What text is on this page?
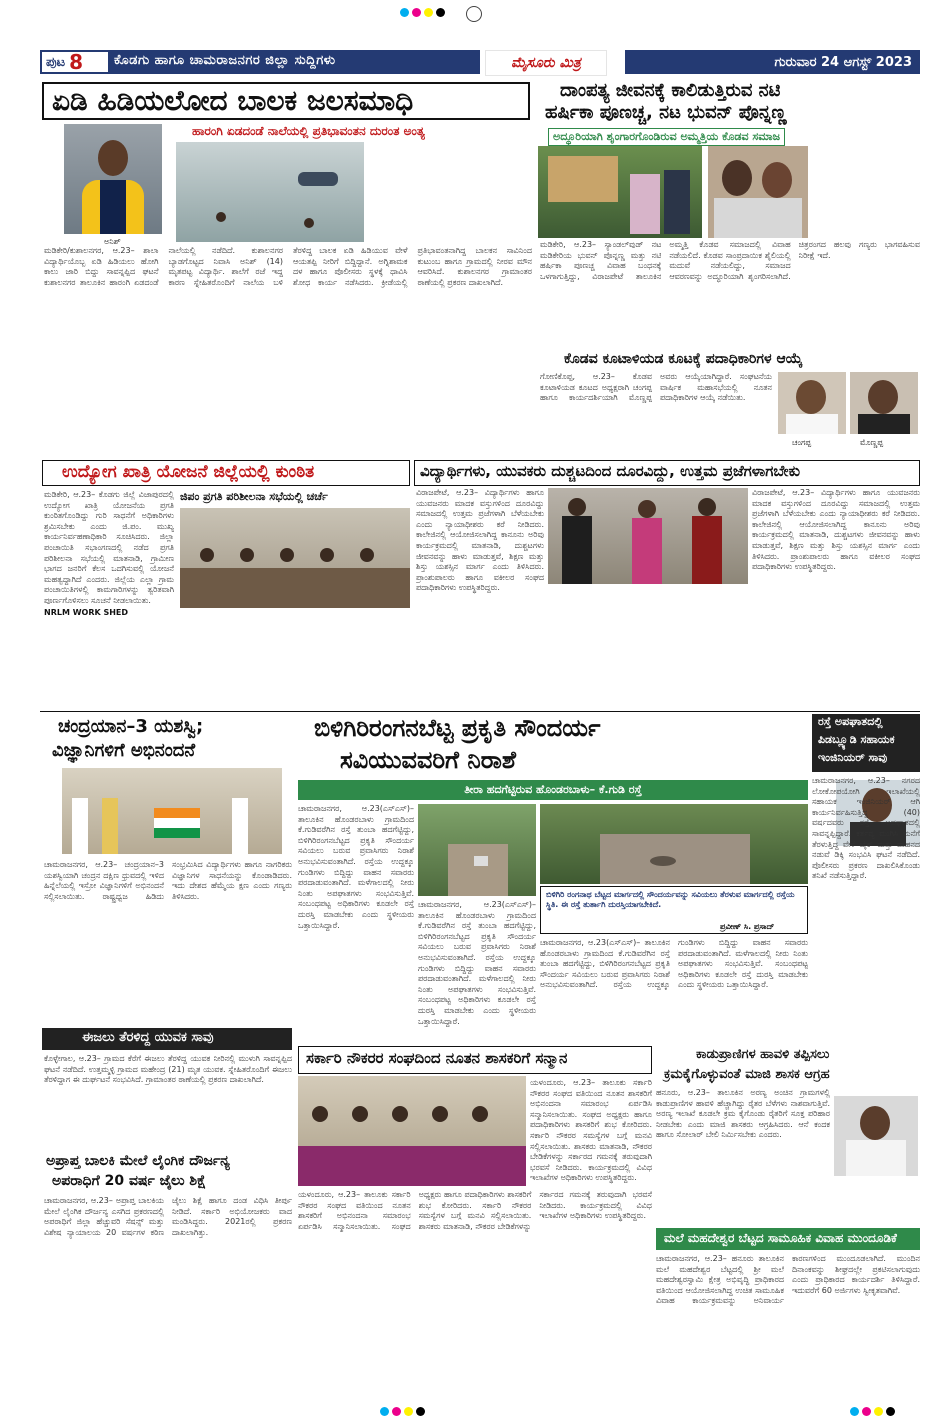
ಪುಟ 8 ಕೊಡಗು ಹಾಗೂ ಚಾಮರಾಜನಗರ ಜಿಲ್ಲಾ ಸುದ್ದಿಗಳು	ಮೈಸೂರು ಮಿತ್ರ	ಗುರುವಾರ 24 ಆಗಸ್ಟ್ 2023
ಏಡಿ ಹಿಡಿಯಲೋದ ಬಾಲಕ ಜಲಸಮಾಧಿ
ಅನಿಶ್
ಹಾರಂಗಿ ಏಡದಂಡೆ ನಾಲೆಯಲ್ಲಿ ಪ್ರತಿಭಾವಂತನ ದುರಂತ ಅಂತ್ಯ
ಮಡಿಕೇರಿ/ಕುಶಾಲನಗರ, ಆ.23– ಶಾಲಾ ವಿದ್ಯಾರ್ಥಿಯೊಬ್ಬ ಏಡಿ ಹಿಡಿಯಲು ಹೋಗಿ ಕಾಲು ಜಾರಿ ಬಿದ್ದು ಸಾವನ್ನಪ್ಪಿದ ಘಟನೆ ಕುಶಾಲನಗರ ತಾಲೂಕಿನ ಹಾರಂಗಿ ಏಡದಂಡೆ ನಾಲೆಯಲ್ಲಿ ನಡೆದಿದೆ. ಕುಶಾಲನಗರ ಬ್ಯಾಡಗೊಟ್ಟದ ನಿವಾಸಿ ಅನಿಶ್ (14) ಮೃತಪಟ್ಟ ವಿದ್ಯಾರ್ಥಿ. ಶಾಲೆಗೆ ರಜೆ ಇದ್ದ ಕಾರಣ ಸ್ನೇಹಿತರೊಂದಿಗೆ ನಾಲೆಯ ಬಳಿ ತೆರಳಿದ್ದ ಬಾಲಕ ಏಡಿ ಹಿಡಿಯುವ ವೇಳೆ ಆಯತಪ್ಪಿ ನೀರಿಗೆ ಬಿದ್ದಿದ್ದಾನೆ. ಅಗ್ನಿಶಾಮಕ ದಳ ಹಾಗೂ ಪೊಲೀಸರು ಸ್ಥಳಕ್ಕೆ ಧಾವಿಸಿ ಶೋಧ ಕಾರ್ಯ ನಡೆಸಿದರು. ಕ್ರೀಡೆಯಲ್ಲಿ ಪ್ರತಿಭಾವಂತನಾಗಿದ್ದ ಬಾಲಕನ ಸಾವಿನಿಂದ ಕುಟುಂಬ ಹಾಗೂ ಗ್ರಾಮದಲ್ಲಿ ನೀರವ ಮೌನ ಆವರಿಸಿದೆ. ಕುಶಾಲನಗರ ಗ್ರಾಮಾಂತರ ಠಾಣೆಯಲ್ಲಿ ಪ್ರಕರಣ ದಾಖಲಾಗಿದೆ.
ದಾಂಪತ್ಯ ಜೀವನಕ್ಕೆ ಕಾಲಿಡುತ್ತಿರುವ ನಟಿ
ಹರ್ಷಿಕಾ ಪೂಣಚ್ಚ, ನಟ ಭುವನ್ ಪೊನ್ನಣ್ಣ
ಅದ್ಧೂರಿಯಾಗಿ ಶೃಂಗಾರಗೊಂಡಿರುವ ಅಮ್ಮತ್ತಿಯ ಕೊಡವ ಸಮಾಜ
ಮಡಿಕೇರಿ, ಆ.23– ಸ್ಯಾಂಡಲ್‌ವುಡ್ ನಟ ಮಡಿಕೇರಿಯ ಭುವನ್ ಪೊನ್ನಣ್ಣ ಮತ್ತು ನಟಿ ಹರ್ಷಿಕಾ ಪೂಣಚ್ಚ ವಿವಾಹ ಬಂಧನಕ್ಕೆ ಒಳಗಾಗುತ್ತಿದ್ದು, ವಿರಾಜಪೇಟೆ ತಾಲೂಕಿನ ಅಮ್ಮತ್ತಿ ಕೊಡವ ಸಮಾಜದಲ್ಲಿ ವಿವಾಹ ನಡೆಯಲಿದೆ. ಕೊಡವ ಸಾಂಪ್ರದಾಯಿಕ ಶೈಲಿಯಲ್ಲಿ ಮದುವೆ ನಡೆಯಲಿದ್ದು, ಸಮಾಜದ ಆವರಣವನ್ನು ಅದ್ಧೂರಿಯಾಗಿ ಶೃಂಗರಿಸಲಾಗಿದೆ. ಚಿತ್ರರಂಗದ ಹಲವು ಗಣ್ಯರು ಭಾಗವಹಿಸುವ ನಿರೀಕ್ಷೆ ಇದೆ.
ಕೊಡವ ಕೂಟಾಳಿಯಡ ಕೂಟಕ್ಕೆ ಪದಾಧಿಕಾರಿಗಳ ಆಯ್ಕೆ
ಗೋಣಿಕೊಪ್ಪ, ಆ.23– ಕೊಡವ ಕೂಟಾಳಿಯಡ ಕೂಟದ ಅಧ್ಯಕ್ಷರಾಗಿ ಚಂಗಪ್ಪ ಹಾಗೂ ಕಾರ್ಯದರ್ಶಿಯಾಗಿ ಮೊಣ್ಣಪ್ಪ ಅವರು ಆಯ್ಕೆಯಾಗಿದ್ದಾರೆ. ಸಂಘಟನೆಯ ವಾರ್ಷಿಕ ಮಹಾಸಭೆಯಲ್ಲಿ ನೂತನ ಪದಾಧಿಕಾರಿಗಳ ಆಯ್ಕೆ ನಡೆಯಿತು.
ಚಂಗಪ್ಪ	ಮೊಣ್ಣಪ್ಪ
ಉದ್ಯೋಗ ಖಾತ್ರಿ ಯೋಜನೆ ಜಿಲ್ಲೆಯಲ್ಲಿ ಕುಂಠಿತ
ಜಿಪಂ ಪ್ರಗತಿ ಪರಿಶೀಲನಾ ಸಭೆಯಲ್ಲಿ ಚರ್ಚೆ
ಮಡಿಕೇರಿ, ಆ.23– ಕೊಡಗು ಜಿಲ್ಲೆ ವಿಜಾಪುರದಲ್ಲಿ ಉದ್ಯೋಗ ಖಾತ್ರಿ ಯೋಜನೆಯ ಪ್ರಗತಿ ಕುಂಠಿತಗೊಂಡಿದ್ದು ಗುರಿ ಸಾಧನೆಗೆ ಅಧಿಕಾರಿಗಳು ಶ್ರಮಿಸಬೇಕು ಎಂದು ಜಿ.ಪಂ. ಮುಖ್ಯ ಕಾರ್ಯನಿರ್ವಹಣಾಧಿಕಾರಿ ಸೂಚಿಸಿದರು. ಜಿಲ್ಲಾ ಪಂಚಾಯಿತಿ ಸಭಾಂಗಣದಲ್ಲಿ ನಡೆದ ಪ್ರಗತಿ ಪರಿಶೀಲನಾ ಸಭೆಯಲ್ಲಿ ಮಾತನಾಡಿ, ಗ್ರಾಮೀಣ ಭಾಗದ ಜನರಿಗೆ ಕೆಲಸ ಒದಗಿಸುವಲ್ಲಿ ಯೋಜನೆ ಮಹತ್ವದ್ದಾಗಿದೆ ಎಂದರು. ಜಿಲ್ಲೆಯ ಎಲ್ಲಾ ಗ್ರಾಮ ಪಂಚಾಯಿತಿಗಳಲ್ಲಿ ಕಾಮಗಾರಿಗಳನ್ನು ತ್ವರಿತವಾಗಿ ಪೂರ್ಣಗೊಳಿಸಲು ಸೂಚನೆ ನೀಡಲಾಯಿತು.
NRLM WORK SHED
ವಿದ್ಯಾರ್ಥಿಗಳು, ಯುವಕರು ದುಶ್ಚಟದಿಂದ ದೂರವಿದ್ದು, ಉತ್ತಮ ಪ್ರಜೆಗಳಾಗಬೇಕು
ವಿರಾಜಪೇಟೆ, ಆ.23– ವಿದ್ಯಾರ್ಥಿಗಳು ಹಾಗೂ ಯುವಜನರು ಮಾದಕ ವಸ್ತುಗಳಿಂದ ದೂರವಿದ್ದು ಸಮಾಜದಲ್ಲಿ ಉತ್ತಮ ಪ್ರಜೆಗಳಾಗಿ ಬೆಳೆಯಬೇಕು ಎಂದು ನ್ಯಾಯಾಧೀಶರು ಕರೆ ನೀಡಿದರು. ಕಾಲೇಜಿನಲ್ಲಿ ಆಯೋಜಿಸಲಾಗಿದ್ದ ಕಾನೂನು ಅರಿವು ಕಾರ್ಯಕ್ರಮದಲ್ಲಿ ಮಾತನಾಡಿ, ದುಶ್ಚಟಗಳು ಜೀವನವನ್ನು ಹಾಳು ಮಾಡುತ್ತವೆ, ಶಿಕ್ಷಣ ಮತ್ತು ಶಿಸ್ತು ಯಶಸ್ಸಿನ ಮಾರ್ಗ ಎಂದು ತಿಳಿಸಿದರು. ಪ್ರಾಂಶುಪಾಲರು ಹಾಗೂ ವಕೀಲರ ಸಂಘದ ಪದಾಧಿಕಾರಿಗಳು ಉಪಸ್ಥಿತರಿದ್ದರು.
ವಿರಾಜಪೇಟೆ, ಆ.23– ವಿದ್ಯಾರ್ಥಿಗಳು ಹಾಗೂ ಯುವಜನರು ಮಾದಕ ವಸ್ತುಗಳಿಂದ ದೂರವಿದ್ದು ಸಮಾಜದಲ್ಲಿ ಉತ್ತಮ ಪ್ರಜೆಗಳಾಗಿ ಬೆಳೆಯಬೇಕು ಎಂದು ನ್ಯಾಯಾಧೀಶರು ಕರೆ ನೀಡಿದರು. ಕಾಲೇಜಿನಲ್ಲಿ ಆಯೋಜಿಸಲಾಗಿದ್ದ ಕಾನೂನು ಅರಿವು ಕಾರ್ಯಕ್ರಮದಲ್ಲಿ ಮಾತನಾಡಿ, ದುಶ್ಚಟಗಳು ಜೀವನವನ್ನು ಹಾಳು ಮಾಡುತ್ತವೆ, ಶಿಕ್ಷಣ ಮತ್ತು ಶಿಸ್ತು ಯಶಸ್ಸಿನ ಮಾರ್ಗ ಎಂದು ತಿಳಿಸಿದರು. ಪ್ರಾಂಶುಪಾಲರು ಹಾಗೂ ವಕೀಲರ ಸಂಘದ ಪದಾಧಿಕಾರಿಗಳು ಉಪಸ್ಥಿತರಿದ್ದರು.
ಚಂದ್ರಯಾನ–3 ಯಶಸ್ವಿ;
ವಿಜ್ಞಾನಿಗಳಿಗೆ ಅಭಿನಂದನೆ
ಚಾಮರಾಜನಗರ, ಆ.23– ಚಂದ್ರಯಾನ–3 ಯಶಸ್ವಿಯಾಗಿ ಚಂದ್ರನ ದಕ್ಷಿಣ ಧ್ರುವದಲ್ಲಿ ಇಳಿದ ಹಿನ್ನೆಲೆಯಲ್ಲಿ ಇಸ್ರೋ ವಿಜ್ಞಾನಿಗಳಿಗೆ ಅಭಿನಂದನೆ ಸಲ್ಲಿಸಲಾಯಿತು. ರಾಷ್ಟ್ರಧ್ವಜ ಹಿಡಿದು ಸಂಭ್ರಮಿಸಿದ ವಿದ್ಯಾರ್ಥಿಗಳು ಹಾಗೂ ನಾಗರಿಕರು ವಿಜ್ಞಾನಿಗಳ ಸಾಧನೆಯನ್ನು ಕೊಂಡಾಡಿದರು. ಇದು ದೇಶದ ಹೆಮ್ಮೆಯ ಕ್ಷಣ ಎಂದು ಗಣ್ಯರು ತಿಳಿಸಿದರು.
ಈಜಲು ತೆರಳಿದ್ದ ಯುವಕ ಸಾವು
ಕೊಳ್ಳೇಗಾಲ, ಆ.23– ಗ್ರಾಮದ ಕೆರೆಗೆ ಈಜಲು ತೆರಳಿದ್ದ ಯುವಕ ನೀರಿನಲ್ಲಿ ಮುಳುಗಿ ಸಾವನ್ನಪ್ಪಿದ ಘಟನೆ ನಡೆದಿದೆ. ಉತ್ತಮ್ಮಳ್ಳಿ ಗ್ರಾಮದ ಮಹೇಂದ್ರ (21) ಮೃತ ಯುವಕ. ಸ್ನೇಹಿತರೊಂದಿಗೆ ಈಜಲು ತೆರಳಿದ್ದಾಗ ಈ ದುರ್ಘಟನೆ ಸಂಭವಿಸಿದೆ. ಗ್ರಾಮಾಂತರ ಠಾಣೆಯಲ್ಲಿ ಪ್ರಕರಣ ದಾಖಲಾಗಿದೆ.
ಅಪ್ರಾಪ್ತ ಬಾಲಕಿ ಮೇಲೆ ಲೈಂಗಿಕ ದೌರ್ಜನ್ಯ
ಅಪರಾಧಿಗೆ 20 ವರ್ಷ ಜೈಲು ಶಿಕ್ಷೆ
ಚಾಮರಾಜನಗರ, ಆ.23– ಅಪ್ರಾಪ್ತ ಬಾಲಕಿಯ ಮೇಲೆ ಲೈಂಗಿಕ ದೌರ್ಜನ್ಯ ಎಸಗಿದ ಪ್ರಕರಣದಲ್ಲಿ ಅಪರಾಧಿಗೆ ಜಿಲ್ಲಾ ಹೆಚ್ಚುವರಿ ಸೆಷನ್ಸ್ ಮತ್ತು ವಿಶೇಷ ನ್ಯಾಯಾಲಯ 20 ವರ್ಷಗಳ ಕಠಿಣ ಜೈಲು ಶಿಕ್ಷೆ ಹಾಗೂ ದಂಡ ವಿಧಿಸಿ ತೀರ್ಪು ನೀಡಿದೆ. ಸರ್ಕಾರಿ ಅಭಿಯೋಜಕರು ವಾದ ಮಂಡಿಸಿದ್ದರು. 2021ರಲ್ಲಿ ಪ್ರಕರಣ ದಾಖಲಾಗಿತ್ತು.
ಬಿಳಿಗಿರಿರಂಗನಬೆಟ್ಟ ಪ್ರಕೃತಿ ಸೌಂದರ್ಯ
ಸವಿಯುವವರಿಗೆ ನಿರಾಶೆ
ತೀರಾ ಹದಗೆಟ್ಟಿರುವ ಹೊಂಡರಬಾಳು– ಕೆ.ಗುಡಿ ರಸ್ತೆ
ಚಾಮರಾಜನಗರ, ಆ.23(ಎಸ್‌ಎಸ್)– ತಾಲೂಕಿನ ಹೊಂಡರಬಾಳು ಗ್ರಾಮದಿಂದ ಕೆ.ಗುಡಿವರೆಗಿನ ರಸ್ತೆ ತುಂಬಾ ಹದಗೆಟ್ಟಿದ್ದು, ಬಿಳಿಗಿರಿರಂಗನಬೆಟ್ಟದ ಪ್ರಕೃತಿ ಸೌಂದರ್ಯ ಸವಿಯಲು ಬರುವ ಪ್ರವಾಸಿಗರು ನಿರಾಶೆ ಅನುಭವಿಸುವಂತಾಗಿದೆ. ರಸ್ತೆಯ ಉದ್ದಕ್ಕೂ ಗುಂಡಿಗಳು ಬಿದ್ದಿದ್ದು ವಾಹನ ಸವಾರರು ಪರದಾಡುವಂತಾಗಿದೆ. ಮಳೆಗಾಲದಲ್ಲಿ ನೀರು ನಿಂತು ಅಪಘಾತಗಳು ಸಂಭವಿಸುತ್ತಿವೆ. ಸಂಬಂಧಪಟ್ಟ ಅಧಿಕಾರಿಗಳು ಕೂಡಲೇ ರಸ್ತೆ ದುರಸ್ತಿ ಮಾಡಬೇಕು ಎಂದು ಸ್ಥಳೀಯರು ಒತ್ತಾಯಿಸಿದ್ದಾರೆ.
ಬಿಳಿಗಿರಿ ರಂಗನಾಥ ಬೆಟ್ಟದ ಮಾರ್ಗದಲ್ಲಿ ಸೌಂದರ್ಯವನ್ನು ಸವಿಯಲು ತೆರಳುವ ಮಾರ್ಗದಲ್ಲಿ ರಸ್ತೆಯ ಸ್ಥಿತಿ. ಈ ರಸ್ತೆ ತುರ್ತಾಗಿ ದುರಸ್ತಿಯಾಗಬೇಕಿದೆ.
ಪ್ರವೀಣ್ ಸಿ. ಪ್ರಸಾದ್
ಚಾಮರಾಜನಗರ, ಆ.23(ಎಸ್‌ಎಸ್)– ತಾಲೂಕಿನ ಹೊಂಡರಬಾಳು ಗ್ರಾಮದಿಂದ ಕೆ.ಗುಡಿವರೆಗಿನ ರಸ್ತೆ ತುಂಬಾ ಹದಗೆಟ್ಟಿದ್ದು, ಬಿಳಿಗಿರಿರಂಗನಬೆಟ್ಟದ ಪ್ರಕೃತಿ ಸೌಂದರ್ಯ ಸವಿಯಲು ಬರುವ ಪ್ರವಾಸಿಗರು ನಿರಾಶೆ ಅನುಭವಿಸುವಂತಾಗಿದೆ. ರಸ್ತೆಯ ಉದ್ದಕ್ಕೂ ಗುಂಡಿಗಳು ಬಿದ್ದಿದ್ದು ವಾಹನ ಸವಾರರು ಪರದಾಡುವಂತಾಗಿದೆ. ಮಳೆಗಾಲದಲ್ಲಿ ನೀರು ನಿಂತು ಅಪಘಾತಗಳು ಸಂಭವಿಸುತ್ತಿವೆ. ಸಂಬಂಧಪಟ್ಟ ಅಧಿಕಾರಿಗಳು ಕೂಡಲೇ ರಸ್ತೆ ದುರಸ್ತಿ ಮಾಡಬೇಕು ಎಂದು ಸ್ಥಳೀಯರು ಒತ್ತಾಯಿಸಿದ್ದಾರೆ.
ಚಾಮರಾಜನಗರ, ಆ.23(ಎಸ್‌ಎಸ್)– ತಾಲೂಕಿನ ಹೊಂಡರಬಾಳು ಗ್ರಾಮದಿಂದ ಕೆ.ಗುಡಿವರೆಗಿನ ರಸ್ತೆ ತುಂಬಾ ಹದಗೆಟ್ಟಿದ್ದು, ಬಿಳಿಗಿರಿರಂಗನಬೆಟ್ಟದ ಪ್ರಕೃತಿ ಸೌಂದರ್ಯ ಸವಿಯಲು ಬರುವ ಪ್ರವಾಸಿಗರು ನಿರಾಶೆ ಅನುಭವಿಸುವಂತಾಗಿದೆ. ರಸ್ತೆಯ ಉದ್ದಕ್ಕೂ ಗುಂಡಿಗಳು ಬಿದ್ದಿದ್ದು ವಾಹನ ಸವಾರರು ಪರದಾಡುವಂತಾಗಿದೆ. ಮಳೆಗಾಲದಲ್ಲಿ ನೀರು ನಿಂತು ಅಪಘಾತಗಳು ಸಂಭವಿಸುತ್ತಿವೆ. ಸಂಬಂಧಪಟ್ಟ ಅಧಿಕಾರಿಗಳು ಕೂಡಲೇ ರಸ್ತೆ ದುರಸ್ತಿ ಮಾಡಬೇಕು ಎಂದು ಸ್ಥಳೀಯರು ಒತ್ತಾಯಿಸಿದ್ದಾರೆ.
ರಸ್ತೆ ಅಪಘಾತದಲ್ಲಿ
ಪಿಡಬ್ಲ್ಯೂಡಿ ಸಹಾಯಕ
ಇಂಜಿನಿಯರ್ ಸಾವು
ಚಾಮರಾಜನಗರ, ಆ.23– ನಗರದ ಲೋಕೋಪಯೋಗಿ ಇಲಾಖೆಯಲ್ಲಿ ಸಹಾಯಕ ಇಂಜಿನಿಯರ್ ಆಗಿ ಕಾರ್ಯನಿರ್ವಹಿಸುತ್ತಿದ್ದ (40) ವರ್ಷದವರು ರಸ್ತೆ ಅಪಘಾತದಲ್ಲಿ ಸಾವನ್ನಪ್ಪಿದ್ದಾರೆ. ಕರ್ತವ್ಯ ಮುಗಿಸಿ ಮನೆಗೆ ತೆರಳುತ್ತಿದ್ದ ವೇಳೆ ಬೈಕ್ ಮತ್ತು ವಾಹನದ ನಡುವೆ ಡಿಕ್ಕಿ ಸಂಭವಿಸಿ ಘಟನೆ ನಡೆದಿದೆ. ಪೊಲೀಸರು ಪ್ರಕರಣ ದಾಖಲಿಸಿಕೊಂಡು ತನಿಖೆ ನಡೆಸುತ್ತಿದ್ದಾರೆ.
ಸರ್ಕಾರಿ ನೌಕರರ ಸಂಘದಿಂದ ನೂತನ ಶಾಸಕರಿಗೆ ಸನ್ಮಾನ
ಯಳಂದೂರು, ಆ.23– ತಾಲೂಕು ಸರ್ಕಾರಿ ನೌಕರರ ಸಂಘದ ವತಿಯಿಂದ ನೂತನ ಶಾಸಕರಿಗೆ ಅಭಿನಂದನಾ ಸಮಾರಂಭ ಏರ್ಪಡಿಸಿ ಸನ್ಮಾನಿಸಲಾಯಿತು. ಸಂಘದ ಅಧ್ಯಕ್ಷರು ಹಾಗೂ ಪದಾಧಿಕಾರಿಗಳು ಶಾಸಕರಿಗೆ ಶುಭ ಕೋರಿದರು. ಸರ್ಕಾರಿ ನೌಕರರ ಸಮಸ್ಯೆಗಳ ಬಗ್ಗೆ ಮನವಿ ಸಲ್ಲಿಸಲಾಯಿತು. ಶಾಸಕರು ಮಾತನಾಡಿ, ನೌಕರರ ಬೇಡಿಕೆಗಳನ್ನು ಸರ್ಕಾರದ ಗಮನಕ್ಕೆ ತರುವುದಾಗಿ ಭರವಸೆ ನೀಡಿದರು. ಕಾರ್ಯಕ್ರಮದಲ್ಲಿ ವಿವಿಧ ಇಲಾಖೆಗಳ ಅಧಿಕಾರಿಗಳು ಉಪಸ್ಥಿತರಿದ್ದರು.
ಯಳಂದೂರು, ಆ.23– ತಾಲೂಕು ಸರ್ಕಾರಿ ನೌಕರರ ಸಂಘದ ವತಿಯಿಂದ ನೂತನ ಶಾಸಕರಿಗೆ ಅಭಿನಂದನಾ ಸಮಾರಂಭ ಏರ್ಪಡಿಸಿ ಸನ್ಮಾನಿಸಲಾಯಿತು. ಸಂಘದ ಅಧ್ಯಕ್ಷರು ಹಾಗೂ ಪದಾಧಿಕಾರಿಗಳು ಶಾಸಕರಿಗೆ ಶುಭ ಕೋರಿದರು. ಸರ್ಕಾರಿ ನೌಕರರ ಸಮಸ್ಯೆಗಳ ಬಗ್ಗೆ ಮನವಿ ಸಲ್ಲಿಸಲಾಯಿತು. ಶಾಸಕರು ಮಾತನಾಡಿ, ನೌಕರರ ಬೇಡಿಕೆಗಳನ್ನು ಸರ್ಕಾರದ ಗಮನಕ್ಕೆ ತರುವುದಾಗಿ ಭರವಸೆ ನೀಡಿದರು. ಕಾರ್ಯಕ್ರಮದಲ್ಲಿ ವಿವಿಧ ಇಲಾಖೆಗಳ ಅಧಿಕಾರಿಗಳು ಉಪಸ್ಥಿತರಿದ್ದರು.
ಕಾಡುಪ್ರಾಣಿಗಳ ಹಾವಳಿ ತಪ್ಪಿಸಲು
ಕ್ರಮಕೈಗೊಳ್ಳುವಂತೆ ಮಾಜಿ ಶಾಸಕ ಆಗ್ರಹ
ಹನೂರು, ಆ.23– ತಾಲೂಕಿನ ಅರಣ್ಯ ಅಂಚಿನ ಗ್ರಾಮಗಳಲ್ಲಿ ಕಾಡುಪ್ರಾಣಿಗಳ ಹಾವಳಿ ಹೆಚ್ಚಾಗಿದ್ದು ರೈತರ ಬೆಳೆಗಳು ನಾಶವಾಗುತ್ತಿವೆ. ಅರಣ್ಯ ಇಲಾಖೆ ಕೂಡಲೇ ಕ್ರಮ ಕೈಗೊಂಡು ರೈತರಿಗೆ ಸೂಕ್ತ ಪರಿಹಾರ ನೀಡಬೇಕು ಎಂದು ಮಾಜಿ ಶಾಸಕರು ಆಗ್ರಹಿಸಿದರು. ಆನೆ ಕಂದಕ ಹಾಗೂ ಸೋಲಾರ್ ಬೇಲಿ ನಿರ್ಮಿಸಬೇಕು ಎಂದರು.
ಮಲೆ ಮಹದೇಶ್ವರ ಬೆಟ್ಟದ ಸಾಮೂಹಿಕ ವಿವಾಹ ಮುಂದೂಡಿಕೆ
ಚಾಮರಾಜನಗರ, ಆ.23– ಹನೂರು ತಾಲೂಕಿನ ಮಲೆ ಮಹದೇಶ್ವರ ಬೆಟ್ಟದಲ್ಲಿ ಶ್ರೀ ಮಲೆ ಮಹದೇಶ್ವರಸ್ವಾಮಿ ಕ್ಷೇತ್ರ ಅಭಿವೃದ್ಧಿ ಪ್ರಾಧಿಕಾರದ ವತಿಯಿಂದ ಆಯೋಜಿಸಲಾಗಿದ್ದ ಉಚಿತ ಸಾಮೂಹಿಕ ವಿವಾಹ ಕಾರ್ಯಕ್ರಮವನ್ನು ಅನಿವಾರ್ಯ ಕಾರಣಗಳಿಂದ ಮುಂದೂಡಲಾಗಿದೆ. ಮುಂದಿನ ದಿನಾಂಕವನ್ನು ಶೀಘ್ರದಲ್ಲೇ ಪ್ರಕಟಿಸಲಾಗುವುದು ಎಂದು ಪ್ರಾಧಿಕಾರದ ಕಾರ್ಯದರ್ಶಿ ತಿಳಿಸಿದ್ದಾರೆ. ಇದುವರೆಗೆ 60 ಅರ್ಜಿಗಳು ಸ್ವೀಕೃತವಾಗಿವೆ.
